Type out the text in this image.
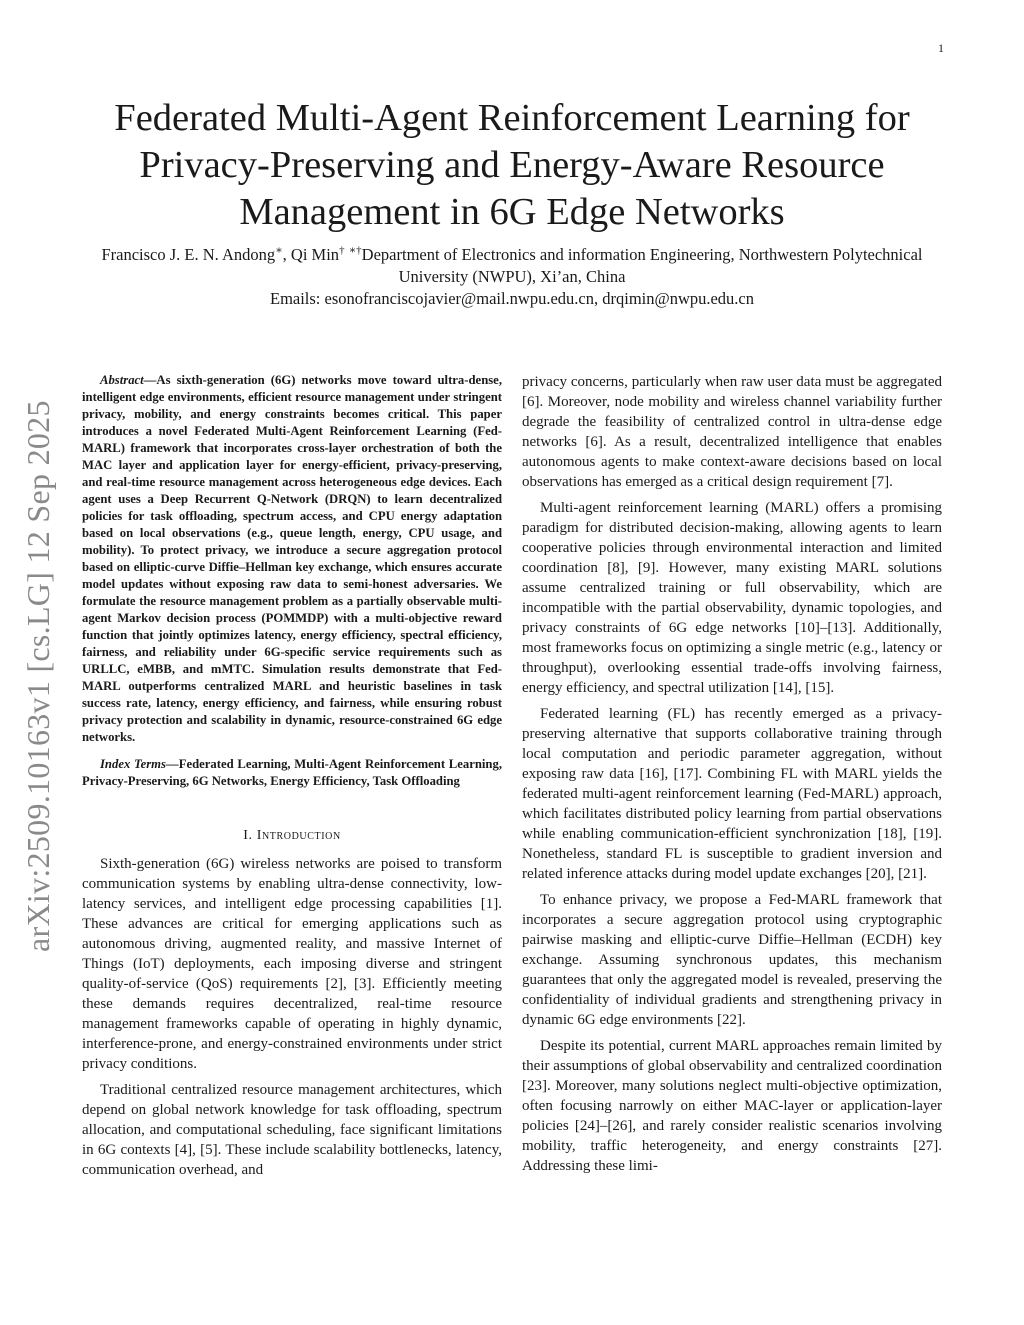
1
Federated Multi-Agent Reinforcement Learning for Privacy-Preserving and Energy-Aware Resource Management in 6G Edge Networks

Francisco J. E. N. Andong∗, Qi Min† ∗†Department of Electronics and information Engineering, Northwestern Polytechnical University (NWPU), Xi’an, China

Emails: esonofranciscojavier@mail.nwpu.edu.cn, drqimin@nwpu.edu.cn
arXiv:2509.10163v1 [cs.LG] 12 Sep 2025

Abstract—As sixth-generation (6G) networks move toward ultra-dense, intelligent edge environments, efficient resource management under stringent privacy, mobility, and energy constraints becomes critical. This paper introduces a novel Federated Multi-Agent Reinforcement Learning (Fed-MARL) framework that incorporates cross-layer orchestration of both the MAC layer and application layer for energy-efficient, privacy-preserving, and real-time resource management across heterogeneous edge devices. Each agent uses a Deep Recurrent Q-Network (DRQN) to learn decentralized policies for task offloading, spectrum access, and CPU energy adaptation based on local observations (e.g., queue length, energy, CPU usage, and mobility). To protect privacy, we introduce a secure aggregation protocol based on elliptic-curve Diffie–Hellman key exchange, which ensures accurate model updates without exposing raw data to semi-honest adversaries. We formulate the resource management problem as a partially observable multi-agent Markov decision process (POMMDP) with a multi-objective reward function that jointly optimizes latency, energy efficiency, spectral efficiency, fairness, and reliability under 6G-specific service requirements such as URLLC, eMBB, and mMTC. Simulation results demonstrate that Fed-MARL outperforms centralized MARL and heuristic baselines in task success rate, latency, energy efficiency, and fairness, while ensuring robust privacy protection and scalability in dynamic, resource-constrained 6G edge networks.

Index Terms—Federated Learning, Multi-Agent Reinforcement Learning, Privacy-Preserving, 6G Networks, Energy Efficiency, Task Offloading

I. Introduction

Sixth-generation (6G) wireless networks are poised to transform communication systems by enabling ultra-dense connectivity, low-latency services, and intelligent edge processing capabilities [1]. These advances are critical for emerging applications such as autonomous driving, augmented reality, and massive Internet of Things (IoT) deployments, each imposing diverse and stringent quality-of-service (QoS) requirements [2], [3]. Efficiently meeting these demands requires decentralized, real-time resource management frameworks capable of operating in highly dynamic, interference-prone, and energy-constrained environments under strict privacy conditions.

Traditional centralized resource management architectures, which depend on global network knowledge for task offloading, spectrum allocation, and computational scheduling, face significant limitations in 6G contexts [4], [5]. These include scalability bottlenecks, latency, communication overhead, and

privacy concerns, particularly when raw user data must be aggregated [6]. Moreover, node mobility and wireless channel variability further degrade the feasibility of centralized control in ultra-dense edge networks [6]. As a result, decentralized intelligence that enables autonomous agents to make context-aware decisions based on local observations has emerged as a critical design requirement [7].

Multi-agent reinforcement learning (MARL) offers a promising paradigm for distributed decision-making, allowing agents to learn cooperative policies through environmental interaction and limited coordination [8], [9]. However, many existing MARL solutions assume centralized training or full observability, which are incompatible with the partial observability, dynamic topologies, and privacy constraints of 6G edge networks [10]–[13]. Additionally, most frameworks focus on optimizing a single metric (e.g., latency or throughput), overlooking essential trade-offs involving fairness, energy efficiency, and spectral utilization [14], [15].

Federated learning (FL) has recently emerged as a privacy-preserving alternative that supports collaborative training through local computation and periodic parameter aggregation, without exposing raw data [16], [17]. Combining FL with MARL yields the federated multi-agent reinforcement learning (Fed-MARL) approach, which facilitates distributed policy learning from partial observations while enabling communication-efficient synchronization [18], [19]. Nonetheless, standard FL is susceptible to gradient inversion and related inference attacks during model update exchanges [20], [21].

To enhance privacy, we propose a Fed-MARL framework that incorporates a secure aggregation protocol using cryptographic pairwise masking and elliptic-curve Diffie–Hellman (ECDH) key exchange. Assuming synchronous updates, this mechanism guarantees that only the aggregated model is revealed, preserving the confidentiality of individual gradients and strengthening privacy in dynamic 6G edge environments [22].

Despite its potential, current MARL approaches remain limited by their assumptions of global observability and centralized coordination [23]. Moreover, many solutions neglect multi-objective optimization, often focusing narrowly on either MAC-layer or application-layer policies [24]–[26], and rarely consider realistic scenarios involving mobility, traffic heterogeneity, and energy constraints [27]. Addressing these limi-
